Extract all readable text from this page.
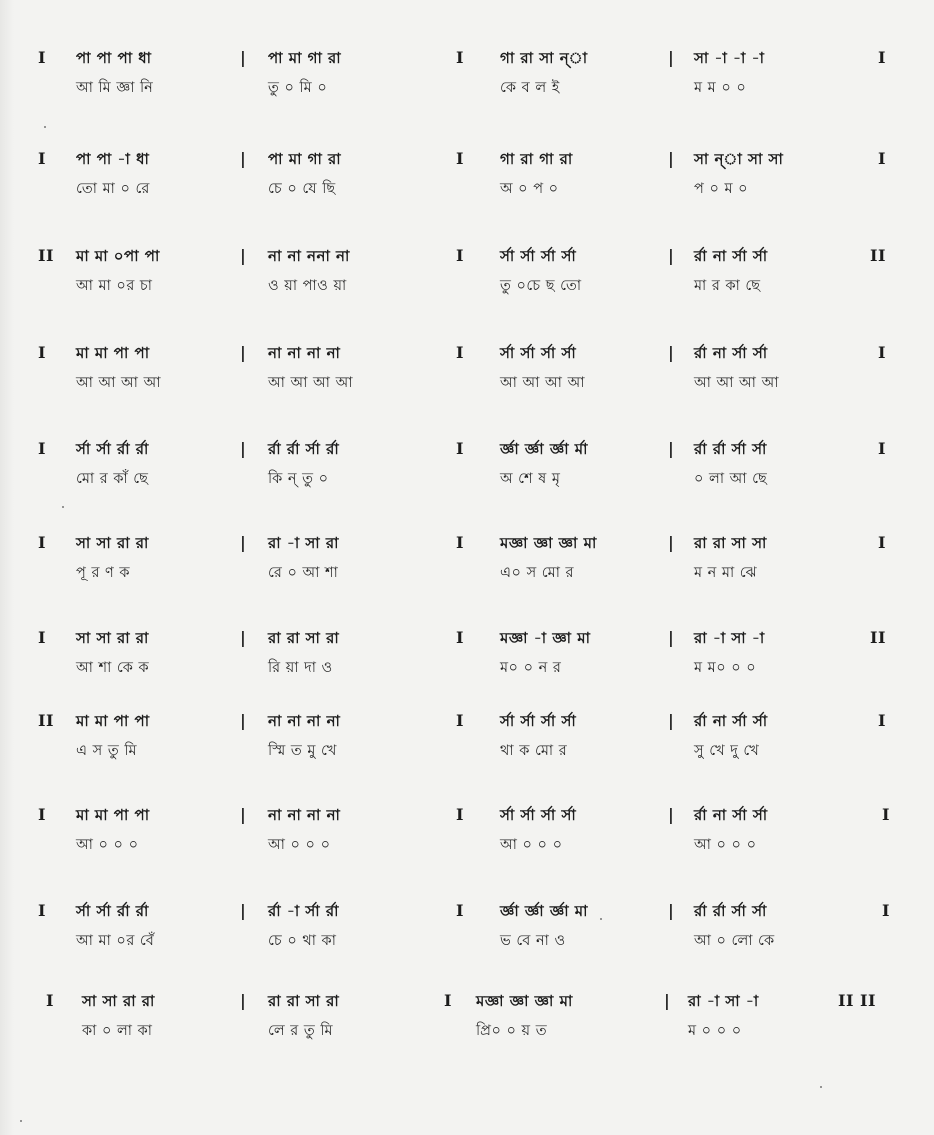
I পা পা পা ধা	| পা মা গা রা	I গা রা সা ন্া	| সা -া -া -া	I
আ মি জ্ঞা নি	তু ০ মি ০	কে ব ল ই	ম ম ০ ০
I পা পা -া ধা	| পা মা গা রা	I গা রা গা রা	| সা ন্া সা সা	I
তো মা ০ রে	চে ০ যে ছি	অ ০ প ০	প ০ ম ০
II মা মা ০পা পা	| না না ননা না	I র্সা র্সা র্সা র্সা	| র্রা না র্সা র্সা	II
আ মা ০র চা	ও য়া পাও য়া	তু ০চে ছ তো	মা র কা ছে
I মা মা পা পা	| না না না না	I র্সা র্সা র্সা র্সা	| র্রা না র্সা র্সা	I
আ আ আ আ	আ আ আ আ	আ আ আ আ	আ আ আ আ
I র্সা র্সা র্রা র্রা	| র্রা র্রা র্সা র্রা	I র্জ্ঞা র্জ্ঞা র্জ্ঞা র্মা	| র্রা র্রা র্সা র্সা	I
মো র কাঁ ছে	কি ন্ তু ০	অ শে ষ মৃ	০ লা আ ছে
I সা সা রা রা	| রা -া সা রা	I মজ্ঞা জ্ঞা জ্ঞা মা	| রা রা সা সা	I
পূ র ণ ক	রে ০ আ শা	এ০ স মো র	ম ন মা ঝে
I সা সা রা রা	| রা রা সা রা	I মজ্ঞা -া জ্ঞা মা	| রা -া সা -া	II
আ শা কে ক	রি য়া দা ও	ম০ ০ ন র	ম ম০ ০ ০
II মা মা পা পা	| না না না না	I র্সা র্সা র্সা র্সা	| র্রা না র্সা র্সা	I
এ স তু মি	স্মি ত মু খে	থা ক মো র	সু খে দু খে
I মা মা পা পা	| না না না না	I র্সা র্সা র্সা র্সা	| র্রা না র্সা র্সা	I
আ ০ ০ ০	আ ০ ০ ০	আ ০ ০ ০	আ ০ ০ ০
I র্সা র্সা র্রা র্রা	| র্রা -া র্সা র্রা	I র্জ্ঞা র্জ্ঞা র্জ্ঞা মা	| র্রা র্রা র্সা র্সা	I
আ মা ০র বেঁ	চে ০ থা কা	ভ বে না ও	আ ০ লো কে
I সা সা রা রা	| রা রা সা রা	I মজ্ঞা জ্ঞা জ্ঞা মা	| রা -া সা -া	II II
কা ০ লা কা	লে র তু মি	প্রি০ ০ য় ত	ম ০ ০ ০
